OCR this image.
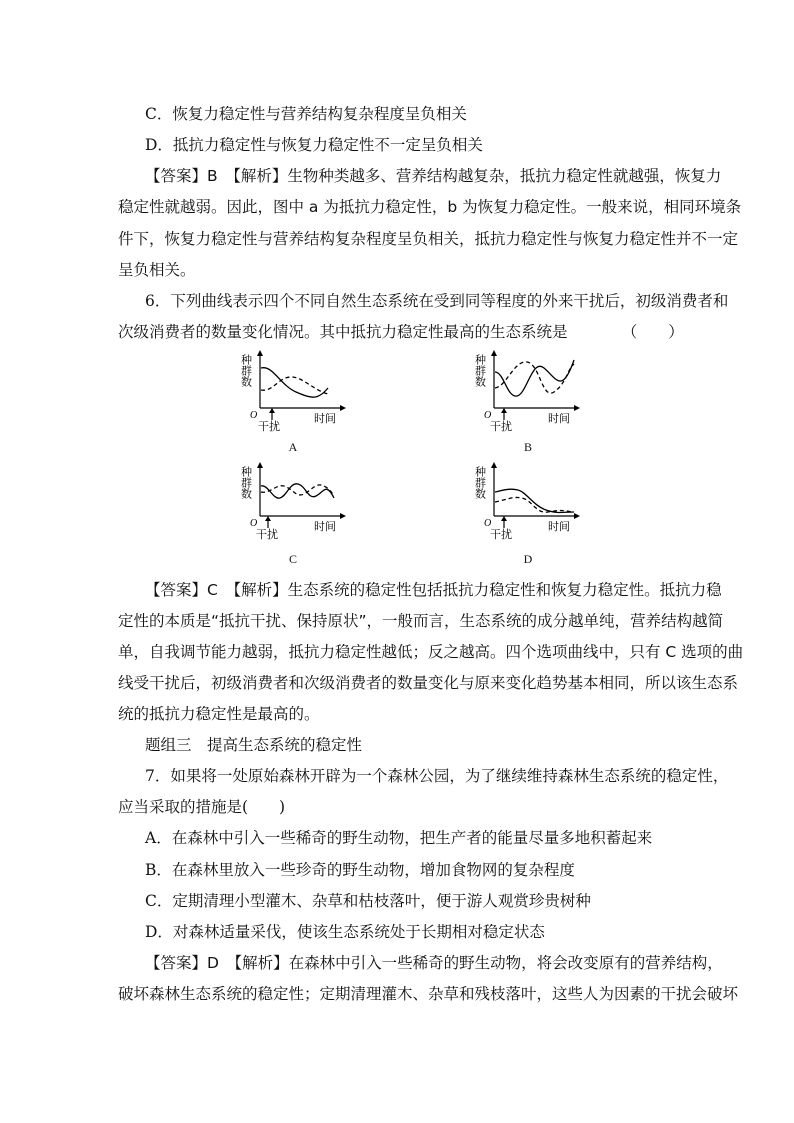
C．恢复力稳定性与营养结构复杂程度呈负相关
D．抵抗力稳定性与恢复力稳定性不一定呈负相关
【答案】B　【解析】生物种类越多、营养结构越复杂，抵抗力稳定性就越强，恢复力
稳定性就越弱。因此，图中 a 为抵抗力稳定性，b 为恢复力稳定性。一般来说，相同环境条
件下，恢复力稳定性与营养结构复杂程度呈负相关，抵抗力稳定性与恢复力稳定性并不一定
呈负相关。
6．下列曲线表示四个不同自然生态系统在受到同等程度的外来干扰后，初级消费者和
次级消费者的数量变化情况。其中抵抗力稳定性最高的生态系统是　　　　（　　）
种群数
O
干扰
时间
A
种群数
O
干扰
时间
B
种群数
O
干扰
时间
C
种群数
O
干扰
时间
D
【答案】C　【解析】生态系统的稳定性包括抵抗力稳定性和恢复力稳定性。抵抗力稳
定性的本质是“抵抗干扰、保持原状”，一般而言，生态系统的成分越单纯，营养结构越简
单，自我调节能力越弱，抵抗力稳定性越低；反之越高。四个选项曲线中，只有 C 选项的曲
线受干扰后，初级消费者和次级消费者的数量变化与原来变化趋势基本相同，所以该生态系
统的抵抗力稳定性是最高的。
题组三　提高生态系统的稳定性
7．如果将一处原始森林开辟为一个森林公园，为了继续维持森林生态系统的稳定性，
应当采取的措施是(　　)
A．在森林中引入一些稀奇的野生动物，把生产者的能量尽量多地积蓄起来
B．在森林里放入一些珍奇的野生动物，增加食物网的复杂程度
C．定期清理小型灌木、杂草和枯枝落叶，便于游人观赏珍贵树种
D．对森林适量采伐，使该生态系统处于长期相对稳定状态
【答案】D　【解析】在森林中引入一些稀奇的野生动物，将会改变原有的营养结构，
破坏森林生态系统的稳定性；定期清理灌木、杂草和残枝落叶，这些人为因素的干扰会破坏
